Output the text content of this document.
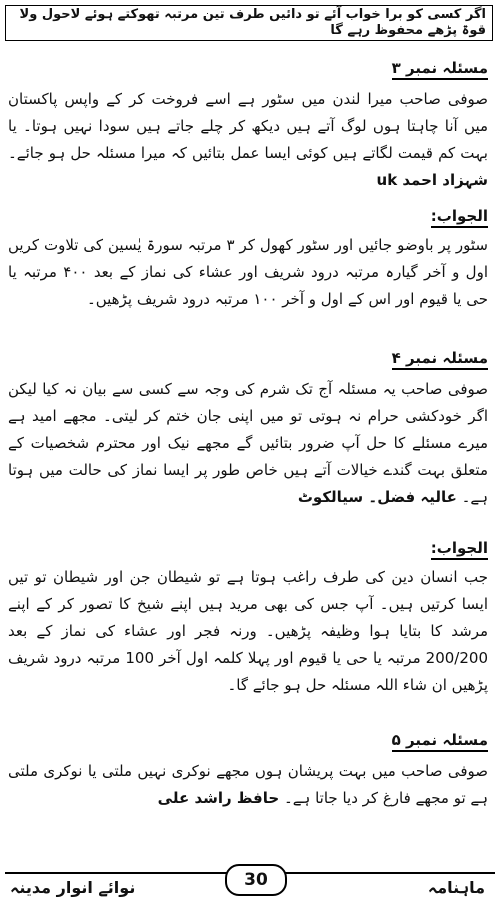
اگر کسی کو برا خواب آئے تو دائیں طرف تین مرتبہ تھوکتے ہوئے لاحول ولا قوۃ پڑھے محفوظ رہے گا
مسئلہ نمبر ۳

صوفی صاحب میرا لندن میں سٹور ہے اسے فروخت کر کے واپس پاکستان میں آنا چاہتا ہوں لوگ آتے ہیں دیکھ کر چلے جاتے ہیں سودا نہیں ہوتا۔ یا بہت کم قیمت لگاتے ہیں کوئی ایسا عمل بتائیں کہ میرا مسئلہ حل ہو جائے۔ شہزاد احمد uk

الجواب:

سٹور پر باوضو جائیں اور سٹور کھول کر ۳ مرتبہ سورۃ یٰسین کی تلاوت کریں اول و آخر گیارہ مرتبہ درود شریف اور عشاء کی نماز کے بعد ۴۰۰ مرتبہ یا حی یا قیوم اور اس کے اول و آخر ۱۰۰ مرتبہ درود شریف پڑھیں۔

مسئلہ نمبر ۴

صوفی صاحب یہ مسئلہ آج تک شرم کی وجہ سے کسی سے بیان نہ کیا لیکن اگر خودکشی حرام نہ ہوتی تو میں اپنی جان ختم کر لیتی۔ مجھے امید ہے میرے مسئلے کا حل آپ ضرور بتائیں گے مجھے نیک اور محترم شخصیات کے متعلق بہت گندے خیالات آتے ہیں خاص طور پر ایسا نماز کی حالت میں ہوتا ہے۔ عالیہ فضل۔ سیالکوٹ

الجواب:

جب انسان دین کی طرف راغب ہوتا ہے تو شیطان جن اور شیطان تو تیں ایسا کرتیں ہیں۔ آپ جس کی بھی مرید ہیں اپنے شیخ کا تصور کر کے اپنے مرشد کا بتایا ہوا وظیفہ پڑھیں۔ ورنہ فجر اور عشاء کی نماز کے بعد 200/200 مرتبہ یا حی یا قیوم اور پہلا کلمہ اول آخر 100 مرتبہ درود شریف پڑھیں ان شاء اللہ مسئلہ حل ہو جائے گا۔

مسئلہ نمبر ۵

صوفی صاحب میں بہت پریشان ہوں مجھے نوکری نہیں ملتی یا نوکری ملتی ہے تو مجھے فارغ کر دیا جاتا ہے۔ حافظ راشد علی

ماہنامہ
30
نوائے انوار مدینہ
